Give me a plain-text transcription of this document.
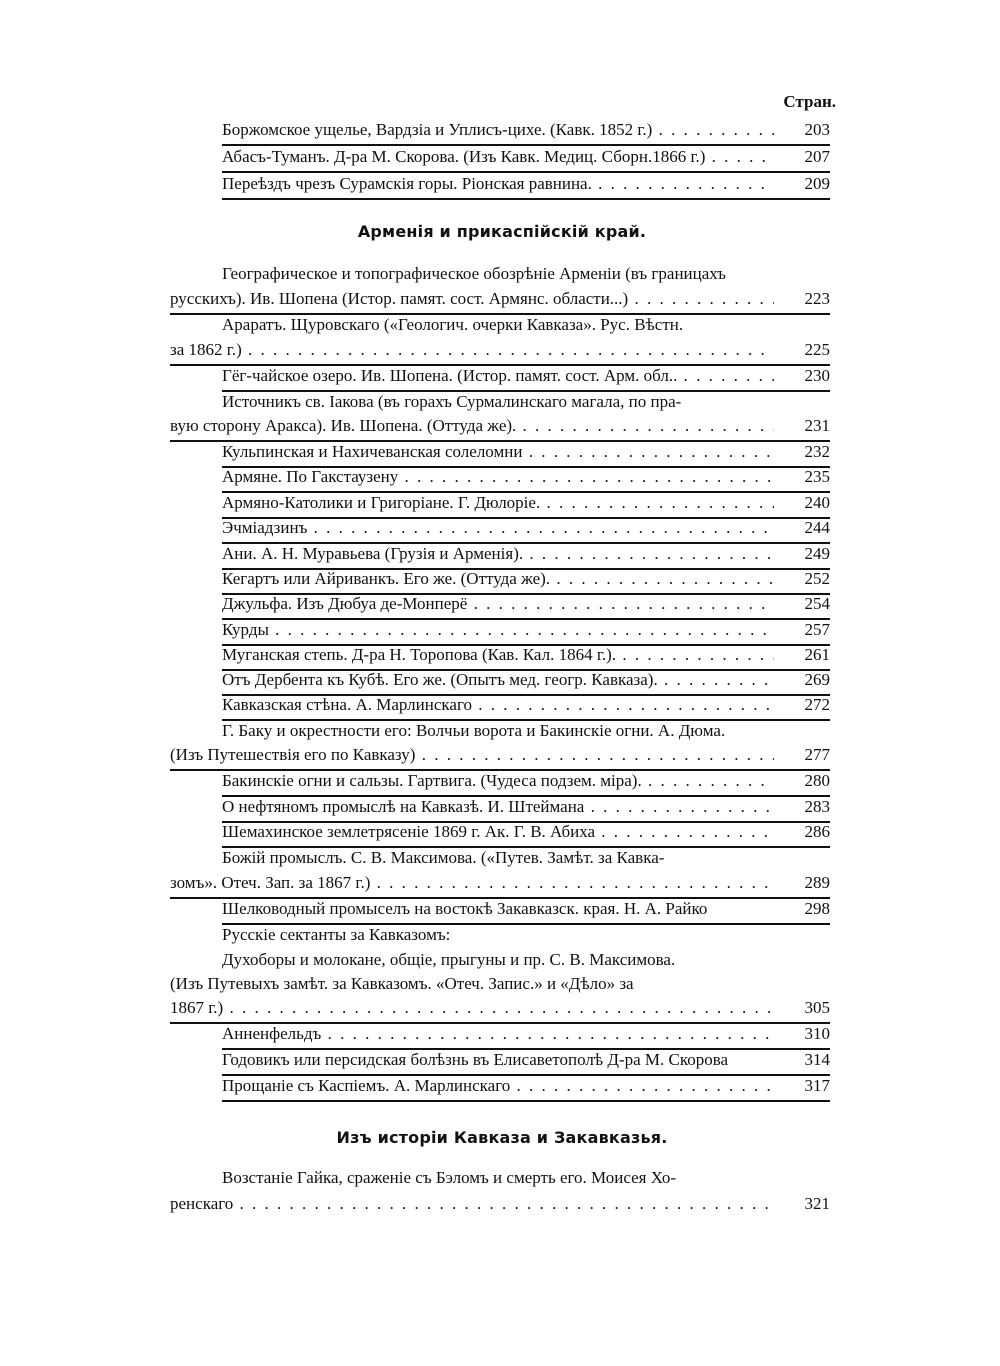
Стран.
Боржомское ущелье, Вардзіа и Уплисъ-цихе. (Кавк. 1852 г.) . . .	203
Абасъ-Туманъ. Д-ра М. Скорова. (Изъ Кавк. Медиц. Сборн.1866 г.) . . .	207
Переѣздъ чрезъ Сурамскія горы. Ріонская равнина. . . .	209
Арменія и прикаспійскій край.
Географическое и топографическое обозрѣніе Арменіи (въ границахъ
русскихъ). Ив. Шопена (Истор. памят. сост. Армянс. области...) . . .	223
Араратъ. Щуровскаго («Геологич. очерки Кавказа». Рус. Вѣстн.
за 1862 г.) . . .	225
Гёг-чайское озеро. Ив. Шопена. (Истор. памят. сост. Арм. обл.. . . .	230
Источникъ св. Іакова (въ горахъ Сурмалинскаго магала, по пра-
вую сторону Аракса). Ив. Шопена. (Оттуда же). . . .	231
Кульпинская и Нахичеванская солеломни . . .	232
Армяне. По Гакстаузену . . .	235
Армяно-Католики и Григоріане. Г. Дюлоріе. . . .	240
Эчміадзинъ . . .	244
Ани. А. Н. Муравьева (Грузія и Арменія). . . .	249
Кегартъ или Айриванкъ. Его же. (Оттуда же). . . .	252
Джульфа. Изъ Дюбуа де-Монперё . . .	254
Курды . . .	257
Муганская степь. Д-ра Н. Торопова (Кав. Кал. 1864 г.). . . .	261
Отъ Дербента къ Кубѣ. Его же. (Опытъ мед. геогр. Кавказа). . . .	269
Кавказская стѣна. А. Марлинскаго . . .	272
Г. Баку и окрестности его: Волчьи ворота и Бакинскіе огни. А. Дюма.
(Изъ Путешествія его по Кавказу) . . .	277
Бакинскіе огни и сальзы. Гартвига. (Чудеса подзем. міра). . . .	280
О нефтяномъ промыслѣ на Кавказѣ. И. Штеймана . . .	283
Шемахинское землетрясеніе 1869 г. Ак. Г. В. Абиха . . .	286
Божій промыслъ. С. В. Максимова. («Путев. Замѣт. за Кавка-
зомъ». Отеч. Зап. за 1867 г.) . . .	289
Шелководный промыселъ на востокѣ Закавказск. края. Н. А. Райко	298
Русскіе сектанты за Кавказомъ:
Духоборы и молокане, общіе, прыгуны и пр. С. В. Максимова.
(Изъ Путевыхъ замѣт. за Кавказомъ. «Отеч. Запис.» и «Дѣло» за
1867 г.) . . .	305
Анненфельдъ . . .	310
Годовикъ или персидская болѣзнь въ Елисаветополѣ Д-ра М. Скорова	314
Прощаніе съ Каспіемъ. А. Марлинскаго . . .	317
Изъ исторіи Кавказа и Закавказья.
Возстаніе Гайка, сраженіе съ Бэломъ и смерть его. Моисея Хо-
ренскаго . . .	321
